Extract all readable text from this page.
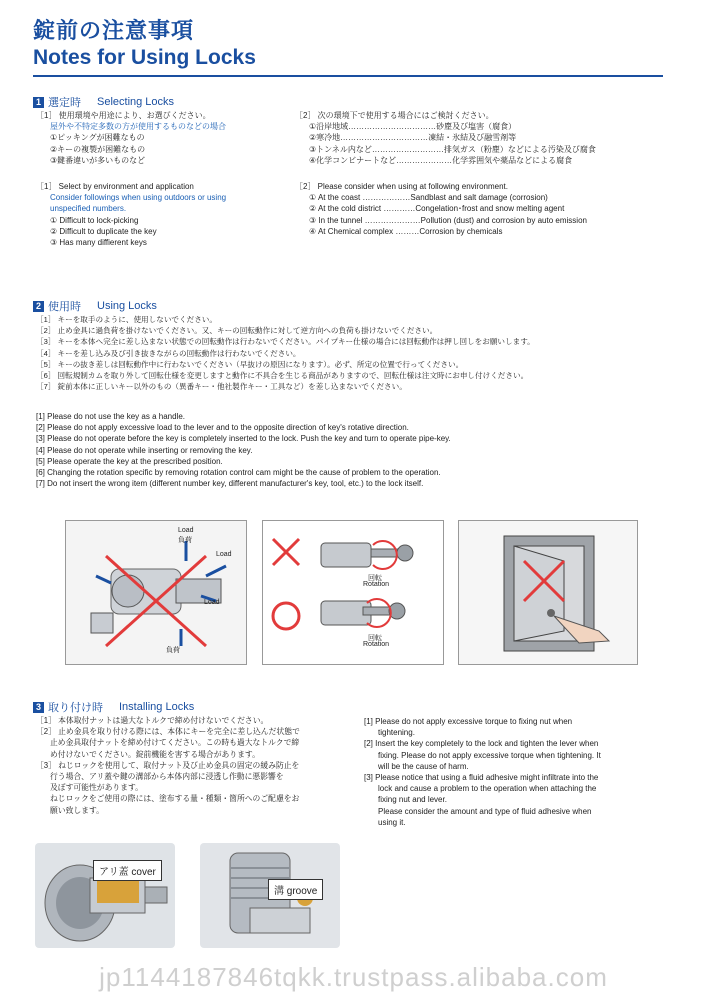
錠前の注意事項
Notes for Using Locks
1 選定時 Selecting Locks
［1］ 使用環境や用途により、お選びください。
屋外や不特定多数の方が使用するものなどの場合
①ピッキングが困難なもの
②キーの複製が困難なもの
③鍵番違いが多いものなど
［1］ Select by environment and application
Consider followings when using outdoors or using
unspecified numbers.
① Difficult to lock-picking
② Difficult to duplicate the key
③ Has many diffierent keys
［2］ 次の環境下で使用する場合にはご検討ください。
①沿岸地域……………………………砂塵及び塩害（腐食）
②寒冷地……………………………凍結・氷結及び融雪剤等
③トンネル内など………………………排気ガス（粉塵）などによる汚染及び腐食
④化学コンビナートなど…………………化学雰囲気や薬品などによる腐食
［2］ Please consider when using at following environment.
① At the coast ………………Sandblast and salt damage (corrosion)
② At the cold district …………Congelation･frost and snow melting agent
③ In the tunnel …………………Pollution (dust) and corrosion by auto emission
④ At Chemical complex ………Corrosion by chemicals
2 使用時 Using Locks
［1］ キーを取手のように、使用しないでください。
［2］ 止め金具に過負荷を掛けないでください。又、キーの回転動作に対して逆方向への負荷も掛けないでください。
［3］ キーを本体へ完全に差し込まない状態での回転動作は行わないでください。パイプキー仕様の場合には回転動作は押し回しをお願いします。
［4］ キーを差し込み及び引き抜きながらの回転動作は行わないでください。
［5］ キーの抜き差しは回転動作中に行わないでください（早抜けの原因になります）。必ず、所定の位置で行ってください。
［6］ 回転規制カムを取り外して回転仕様を変更しますと動作に不具合を生じる商品がありますので、回転仕様は注文時にお申し付けください。
［7］ 錠前本体に正しいキー以外のもの（異番キー・他社製作キー・工具など）を差し込まないでください。
[1] Please do not use the key as a handle.
[2] Please do not apply excessive load to the lever and to the opposite direction of key's rotative direction.
[3] Please do not operate before the key is completely inserted to the lock. Push the key and turn to operate pipe-key.
[4] Please do not operate while inserting or removing the key.
[5] Please operate the key at the prescribed position.
[6] Changing the rotation specific by removing rotation control cam might be the cause of problem to the operation.
[7] Do not insert the wrong item (different number key, different manufacturer's key, tool, etc.) to the lock itself.
Load
負荷
Load
Load
負荷
回転
Rotation
回転
Rotation
3 取り付け時 Installing Locks
［1］ 本体取付ナットは過大なトルクで締め付けないでください。
［2］ 止め金具を取り付ける際には、本体にキーを完全に差し込んだ状態で
止め金具取付ナットを締め付けてください。この時も過大なトルクで締
め付けないでください。錠前機能を害する場合があります。
［3］ ねじロックを使用して、取付ナット及び止め金具の固定の緩み防止を
行う場合、アリ蓋や鍵の溝部から本体内部に浸透し作動に悪影響を
及ぼす可能性があります。
ねじロックをご使用の際には、塗布する量・種類・箇所へのご配慮をお
願い致します。
[1] Please do not apply excessive torque to fixing nut when
tightening.
[2] Insert the key completely to the lock and tighten the lever when
fixing. Please do not apply excessive torque when tightening. It
will be the cause of harm.
[3] Please notice that using a fluid adhesive might infiltrate into the
lock and cause a problem to the operation when attaching the
fixing nut and lever.
Please consider the amount and type of fluid adhesive when
using it.
アリ蓋 cover
溝 groove
jp1144187846tqkk.trustpass.alibaba.com
